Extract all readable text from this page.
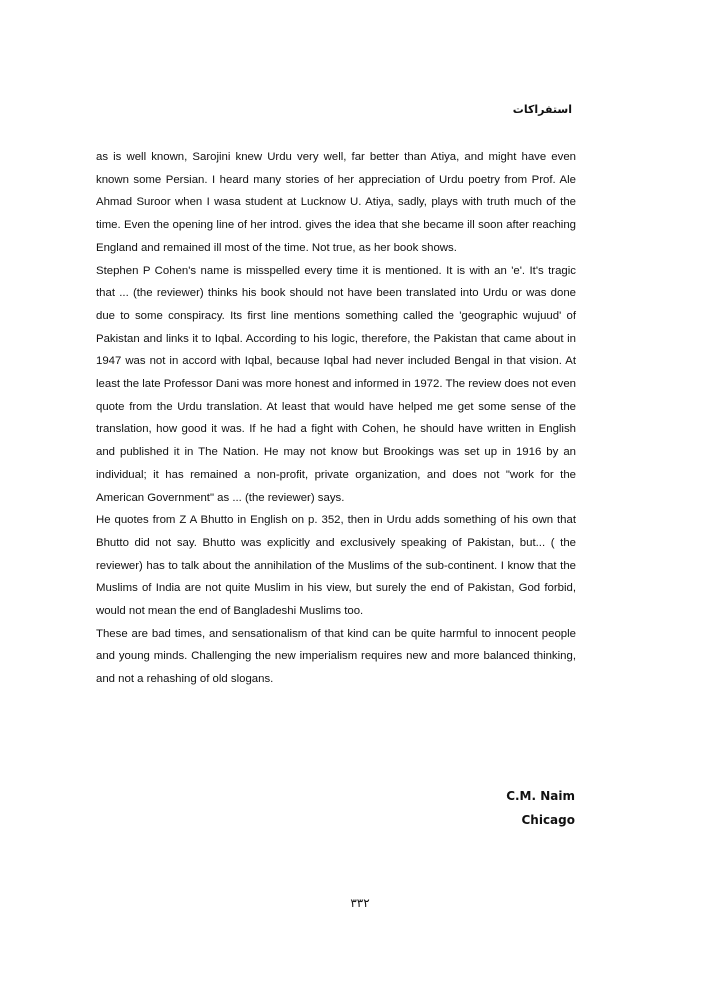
استفراکات

as is well known, Sarojini knew Urdu very well, far better than Atiya, and might have even known some Persian. I heard many stories of her appreciation of Urdu poetry from Prof. Ale Ahmad Suroor when I wasa student at Lucknow U. Atiya, sadly, plays with truth much of the time. Even the opening line of her introd. gives the idea that she became ill soon after reaching England and remained ill most of the time. Not true, as her book shows.

Stephen P Cohen's name is misspelled every time it is mentioned. It is with an 'e'. It's tragic that ... (the reviewer) thinks his book should not have been translated into Urdu or was done due to some conspiracy. Its first line mentions something called the 'geographic wujuud' of Pakistan and links it to Iqbal. According to his logic, therefore, the Pakistan that came about in 1947 was not in accord with Iqbal, because Iqbal had never included Bengal in that vision. At least the late Professor Dani was more honest and informed in 1972. The review does not even quote from the Urdu translation. At least that would have helped me get some sense of the translation, how good it was. If he had a fight with Cohen, he should have written in English and published it in The Nation. He may not know but Brookings was set up in 1916 by an individual; it has remained a non-profit, private organization, and does not "work for the American Government" as ... (the reviewer) says.

He quotes from Z A Bhutto in English on p. 352, then in Urdu adds something of his own that Bhutto did not say. Bhutto was explicitly and exclusively speaking of Pakistan, but... ( the reviewer) has to talk about the annihilation of the Muslims of the sub-continent. I know that the Muslims of India are not quite Muslim in his view, but surely the end of Pakistan, God forbid, would not mean the end of Bangladeshi Muslims too.

These are bad times, and sensationalism of that kind can be quite harmful to innocent people and young minds. Challenging the new imperialism requires new and more balanced thinking, and not a rehashing of old slogans.

C.M. Naim
Chicago
۳۳۲
